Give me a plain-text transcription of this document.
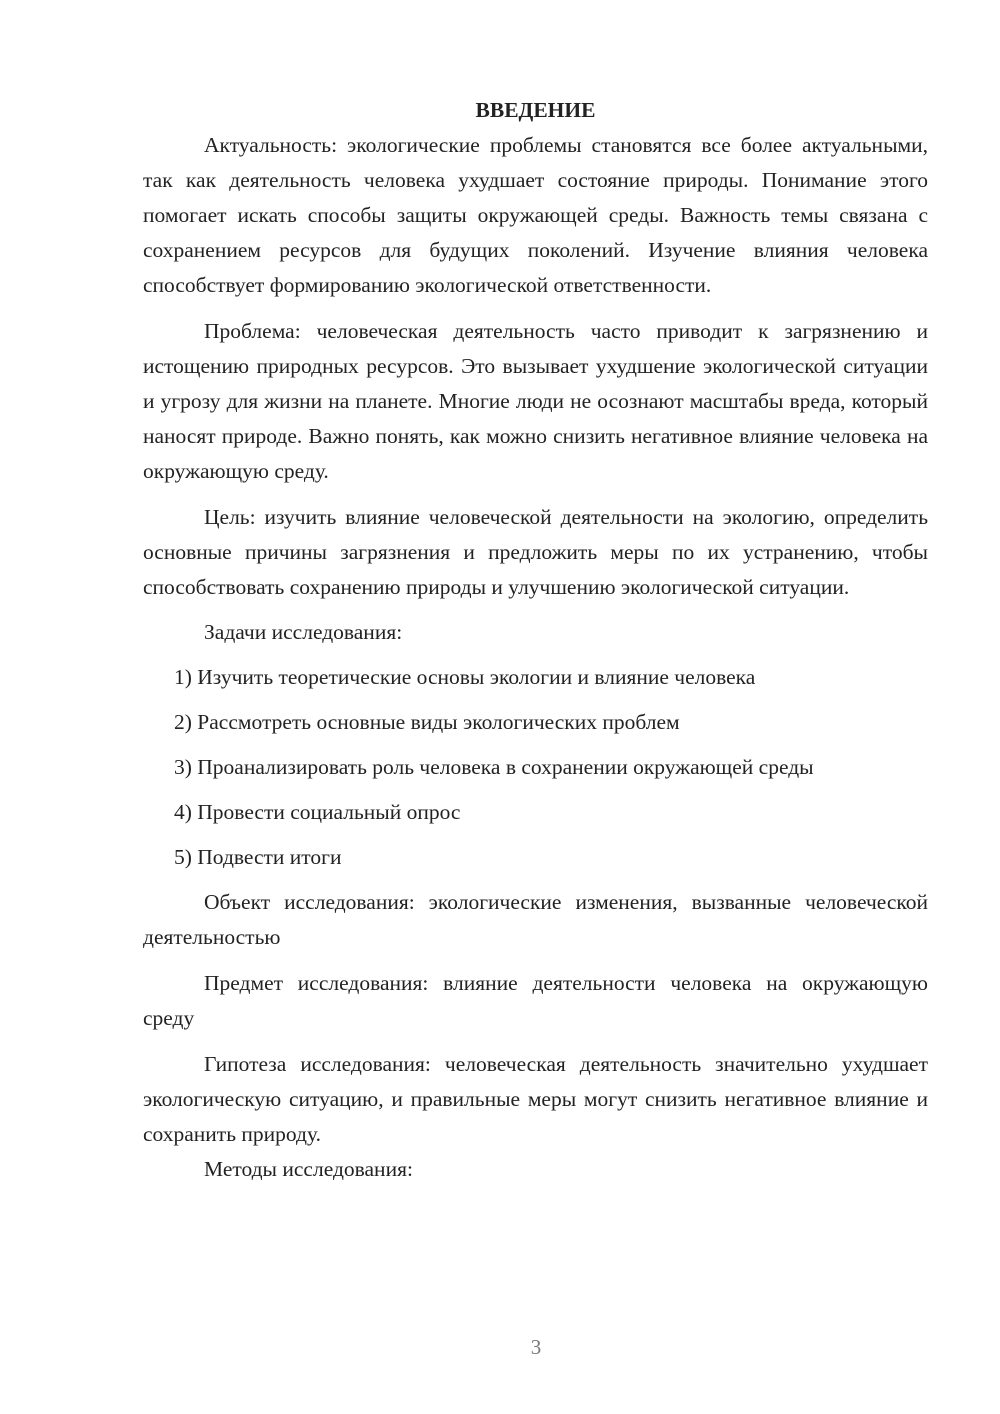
ВВЕДЕНИЕ

Актуальность: экологические проблемы становятся все более актуальными, так как деятельность человека ухудшает состояние природы. Понимание этого помогает искать способы защиты окружающей среды. Важность темы связана с сохранением ресурсов для будущих поколений. Изучение влияния человека способствует формированию экологической ответственности.

Проблема: человеческая деятельность часто приводит к загрязнению и истощению природных ресурсов. Это вызывает ухудшение экологической ситуации и угрозу для жизни на планете. Многие люди не осознают масштабы вреда, который наносят природе. Важно понять, как можно снизить негативное влияние человека на окружающую среду.

Цель: изучить влияние человеческой деятельности на экологию, определить основные причины загрязнения и предложить меры по их устранению, чтобы способствовать сохранению природы и улучшению экологической ситуации.

Задачи исследования:

1) Изучить теоретические основы экологии и влияние человека

2) Рассмотреть основные виды экологических проблем

3) Проанализировать роль человека в сохранении окружающей среды

4) Провести социальный опрос

5) Подвести итоги

Объект исследования: экологические изменения, вызванные человеческой деятельностью

Предмет исследования: влияние деятельности человека на окружающую среду

Гипотеза исследования: человеческая деятельность значительно ухудшает экологическую ситуацию, и правильные меры могут снизить негативное влияние и сохранить природу.

Методы исследования:

3
